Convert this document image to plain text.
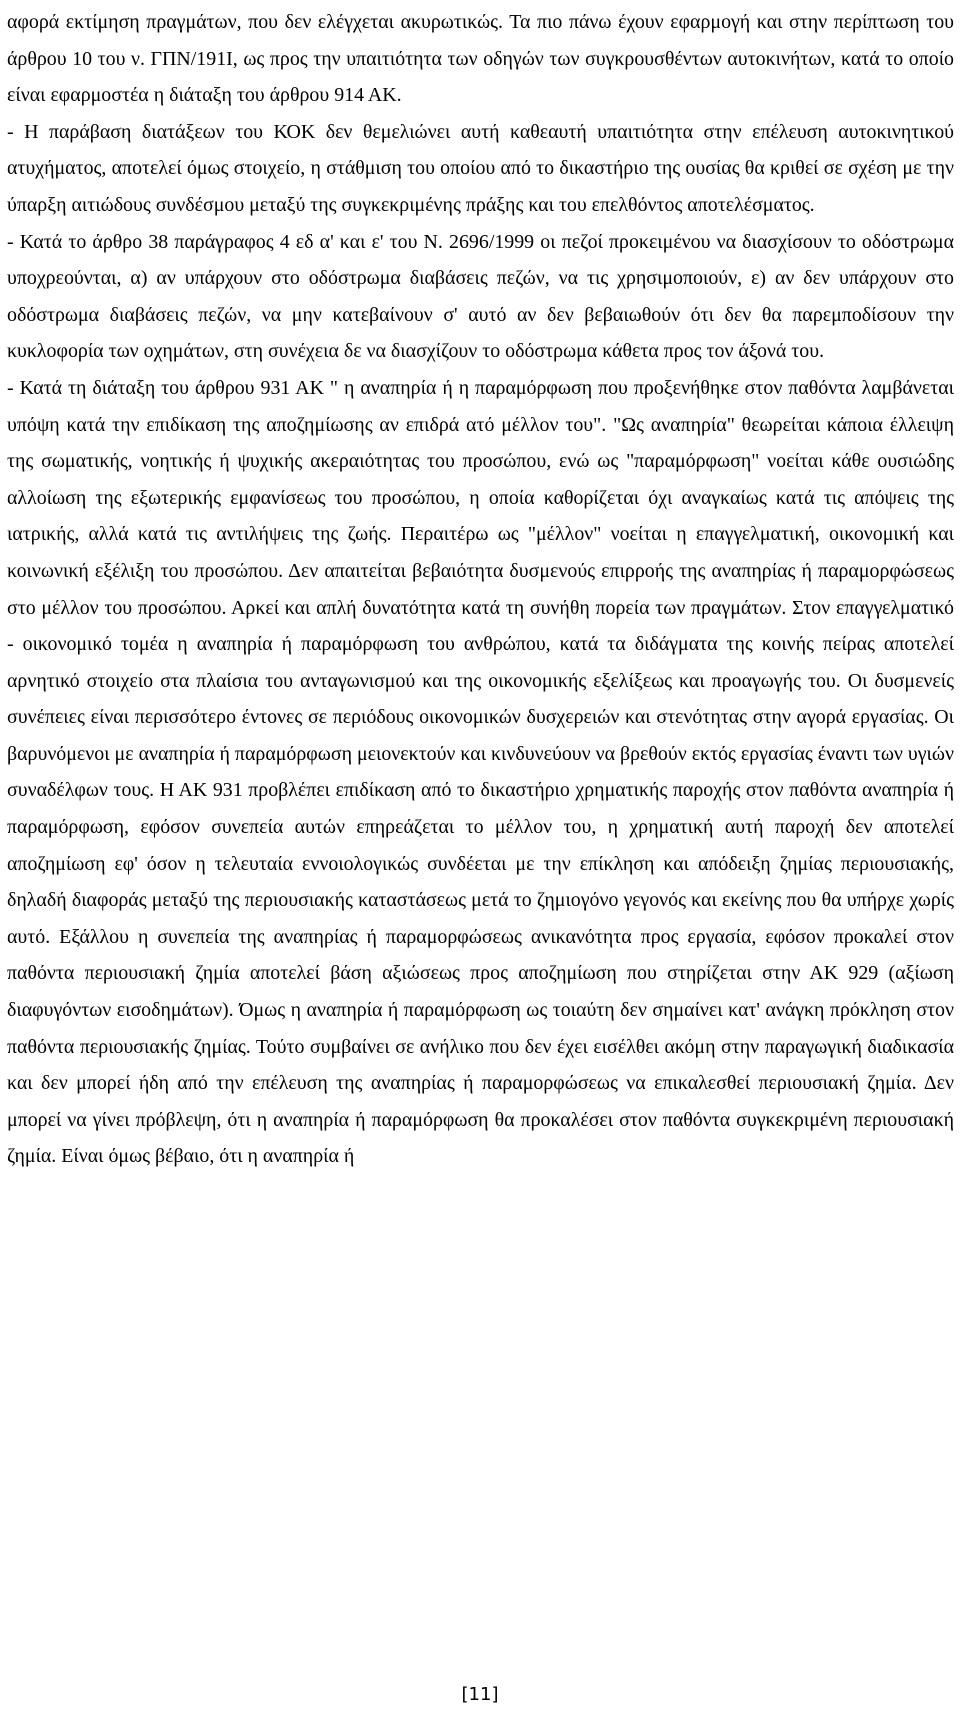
αφορά εκτίμηση πραγμάτων, που δεν ελέγχεται ακυρωτικώς. Τα πιο πάνω έχουν εφαρμογή και στην περίπτωση του άρθρου 10 του ν. ΓΠΝ/191Ι, ως προς την υπαιτιότητα των οδηγών των συγκρουσθέντων αυτοκινήτων, κατά το οποίο είναι εφαρμοστέα η διάταξη του άρθρου 914 ΑΚ.

- Η παράβαση διατάξεων του ΚΟΚ δεν θεμελιώνει αυτή καθεαυτή υπαιτιότητα στην επέλευση αυτοκινητικού ατυχήματος, αποτελεί όμως στοιχείο, η στάθμιση του οποίου από το δικαστήριο της ουσίας θα κριθεί σε σχέση με την ύπαρξη αιτιώδους συνδέσμου μεταξύ της συγκεκριμένης πράξης και του επελθόντος αποτελέσματος.

- Κατά το άρθρο 38 παράγραφος 4 εδ α' και ε' του Ν. 2696/1999 οι πεζοί προκειμένου να διασχίσουν το οδόστρωμα υποχρεούνται, α) αν υπάρχουν στο οδόστρωμα διαβάσεις πεζών, να τις χρησιμοποιούν, ε) αν δεν υπάρχουν στο οδόστρωμα διαβάσεις πεζών, να μην κατεβαίνουν σ' αυτό αν δεν βεβαιωθούν ότι δεν θα παρεμποδίσουν την κυκλοφορία των οχημάτων, στη συνέχεια δε να διασχίζουν το οδόστρωμα κάθετα προς τον άξονά του.

- Κατά τη διάταξη του άρθρου 931 ΑΚ " η αναπηρία ή η παραμόρφωση που προξενήθηκε στον παθόντα λαμβάνεται υπόψη κατά την επιδίκαση της αποζημίωσης αν επιδρά ατό μέλλον του". "Ως αναπηρία" θεωρείται κάποια έλλειψη της σωματικής, νοητικής ή ψυχικής ακεραιότητας του προσώπου, ενώ ως "παραμόρφωση" νοείται κάθε ουσιώδης αλλοίωση της εξωτερικής εμφανίσεως του προσώπου, η οποία καθορίζεται όχι αναγκαίως κατά τις απόψεις της ιατρικής, αλλά κατά τις αντιλήψεις της ζωής. Περαιτέρω ως "μέλλον" νοείται η επαγγελματική, οικονομική και κοινωνική εξέλιξη του προσώπου. Δεν απαιτείται βεβαιότητα δυσμενούς επιρροής της αναπηρίας ή παραμορφώσεως στο μέλλον του προσώπου. Αρκεί και απλή δυνατότητα κατά τη συνήθη πορεία των πραγμάτων. Στον επαγγελματικό - οικονομικό τομέα η αναπηρία ή παραμόρφωση του ανθρώπου, κατά τα διδάγματα της κοινής πείρας αποτελεί αρνητικό στοιχείο στα πλαίσια του ανταγωνισμού και της οικονομικής εξελίξεως και προαγωγής του. Οι δυσμενείς συνέπειες είναι περισσότερο έντονες σε περιόδους οικονομικών δυσχερειών και στενότητας στην αγορά εργασίας. Οι βαρυνόμενοι με αναπηρία ή παραμόρφωση μειονεκτούν και κινδυνεύουν να βρεθούν εκτός εργασίας έναντι των υγιών συναδέλφων τους. Η ΑΚ 931 προβλέπει επιδίκαση από το δικαστήριο χρηματικής παροχής στον παθόντα αναπηρία ή παραμόρφωση, εφόσον συνεπεία αυτών επηρεάζεται το μέλλον του, η χρηματική αυτή παροχή δεν αποτελεί αποζημίωση εφ' όσον η τελευταία εννοιολογικώς συνδέεται με την επίκληση και απόδειξη ζημίας περιουσιακής, δηλαδή διαφοράς μεταξύ της περιουσιακής καταστάσεως μετά το ζημιογόνο γεγονός και εκείνης που θα υπήρχε χωρίς αυτό. Εξάλλου η συνεπεία της αναπηρίας ή παραμορφώσεως ανικανότητα προς εργασία, εφόσον προκαλεί στον παθόντα περιουσιακή ζημία αποτελεί βάση αξιώσεως προς αποζημίωση που στηρίζεται στην ΑΚ 929 (αξίωση διαφυγόντων εισοδημάτων). Όμως η αναπηρία ή παραμόρφωση ως τοιαύτη δεν σημαίνει κατ' ανάγκη πρόκληση στον παθόντα περιουσιακής ζημίας. Τούτο συμβαίνει σε ανήλικο που δεν έχει εισέλθει ακόμη στην παραγωγική διαδικασία και δεν μπορεί ήδη από την επέλευση της αναπηρίας ή παραμορφώσεως να επικαλεσθεί περιουσιακή ζημία. Δεν μπορεί να γίνει πρόβλεψη, ότι η αναπηρία ή παραμόρφωση θα προκαλέσει στον παθόντα συγκεκριμένη περιουσιακή ζημία. Είναι όμως βέβαιο, ότι η αναπηρία ή

[11]
